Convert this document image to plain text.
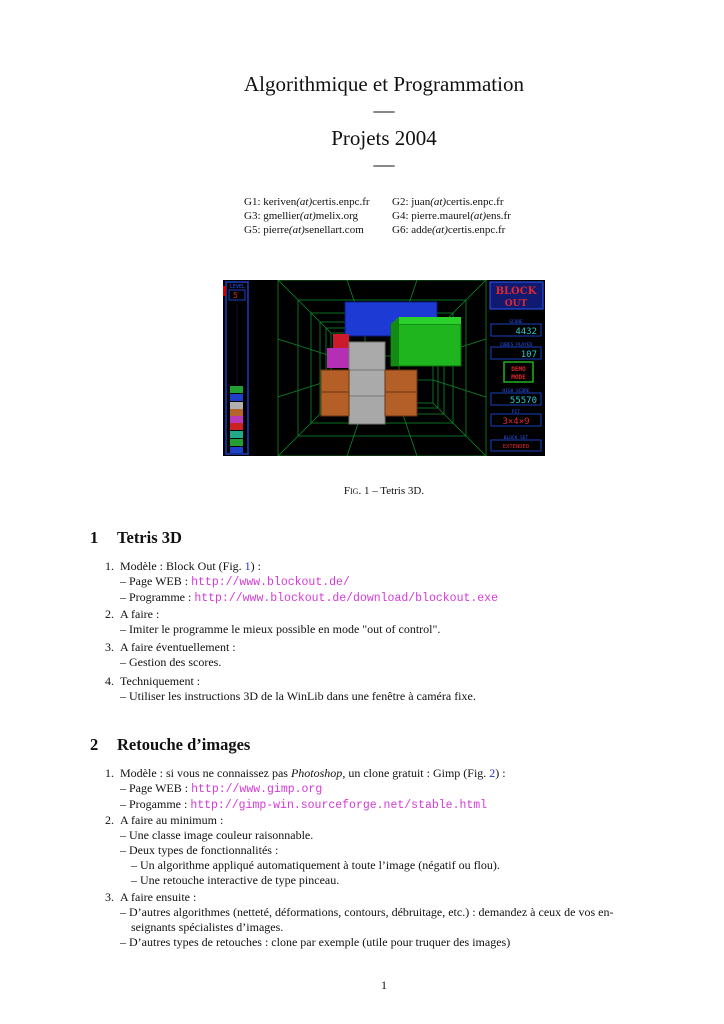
Algorithmique et Programmation
—
Projets 2004
—
G1: keriven(at)certis.enpc.fr	G2: juan(at)certis.enpc.fr
G3: gmellier(at)melix.org	G4: pierre.maurel(at)ens.fr
G5: pierre(at)senellart.com	G6: adde(at)certis.enpc.fr
LEVEL
5	BLOCK
OUT
SCORE
4432
CUBES PLAYED
107
DEMO
MODE
HIGH SCORE
55570
PIT
3×4×9
BLOCK SET
EXTENDED
Fig. 1 – Tetris 3D.
1 Tetris 3D
1. Modèle : Block Out (Fig. 1) :
– Page WEB : http://www.blockout.de/
– Programme : http://www.blockout.de/download/blockout.exe
2. A faire :
– Imiter le programme le mieux possible en mode "out of control".
3. A faire éventuellement :
– Gestion des scores.
4. Techniquement :
– Utiliser les instructions 3D de la WinLib dans une fenêtre à caméra fixe.
2 Retouche d’images
1. Modèle : si vous ne connaissez pas Photoshop, un clone gratuit : Gimp (Fig. 2) :
– Page WEB : http://www.gimp.org
– Progamme : http://gimp-win.sourceforge.net/stable.html
2. A faire au minimum :
– Une classe image couleur raisonnable.
– Deux types de fonctionnalités :
– Un algorithme appliqué automatiquement à toute l’image (négatif ou flou).
– Une retouche interactive de type pinceau.
3. A faire ensuite :
– D’autres algorithmes (netteté, déformations, contours, débruitage, etc.) : demandez à ceux de vos en-
seignants spécialistes d’images.
– D’autres types de retouches : clone par exemple (utile pour truquer des images)
1
